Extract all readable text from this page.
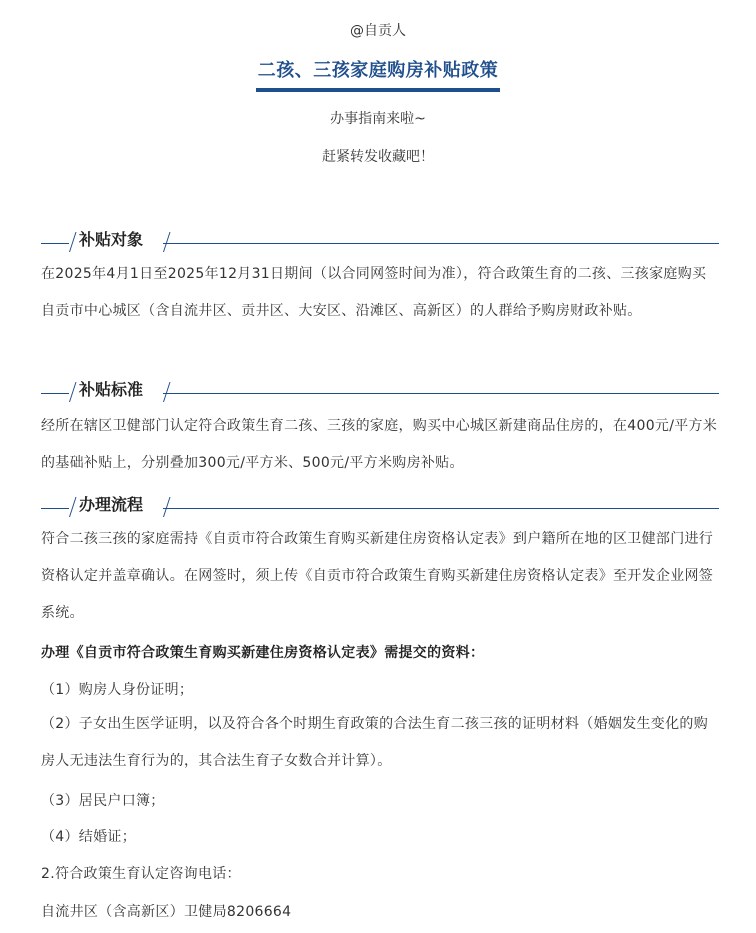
@自贡人
二孩、三孩家庭购房补贴政策
办事指南来啦~
赶紧转发收藏吧！
补贴对象
在2025年4月1日至2025年12月31日期间（以合同网签时间为准），符合政策生育的二孩、三孩家庭购买自贡市中心城区（含自流井区、贡井区、大安区、沿滩区、高新区）的人群给予购房财政补贴。
补贴标准
经所在辖区卫健部门认定符合政策生育二孩、三孩的家庭，购买中心城区新建商品住房的，在400元/平方米的基础补贴上，分别叠加300元/平方米、500元/平方米购房补贴。
办理流程
符合二孩三孩的家庭需持《自贡市符合政策生育购买新建住房资格认定表》到户籍所在地的区卫健部门进行资格认定并盖章确认。在网签时，须上传《自贡市符合政策生育购买新建住房资格认定表》至开发企业网签系统。
办理《自贡市符合政策生育购买新建住房资格认定表》需提交的资料：
（1）购房人身份证明；
（2）子女出生医学证明，以及符合各个时期生育政策的合法生育二孩三孩的证明材料（婚姻发生变化的购房人无违法生育行为的，其合法生育子女数合并计算）。
（3）居民户口簿；
（4）结婚证；
2.符合政策生育认定咨询电话：
自流井区（含高新区）卫健局8206664
